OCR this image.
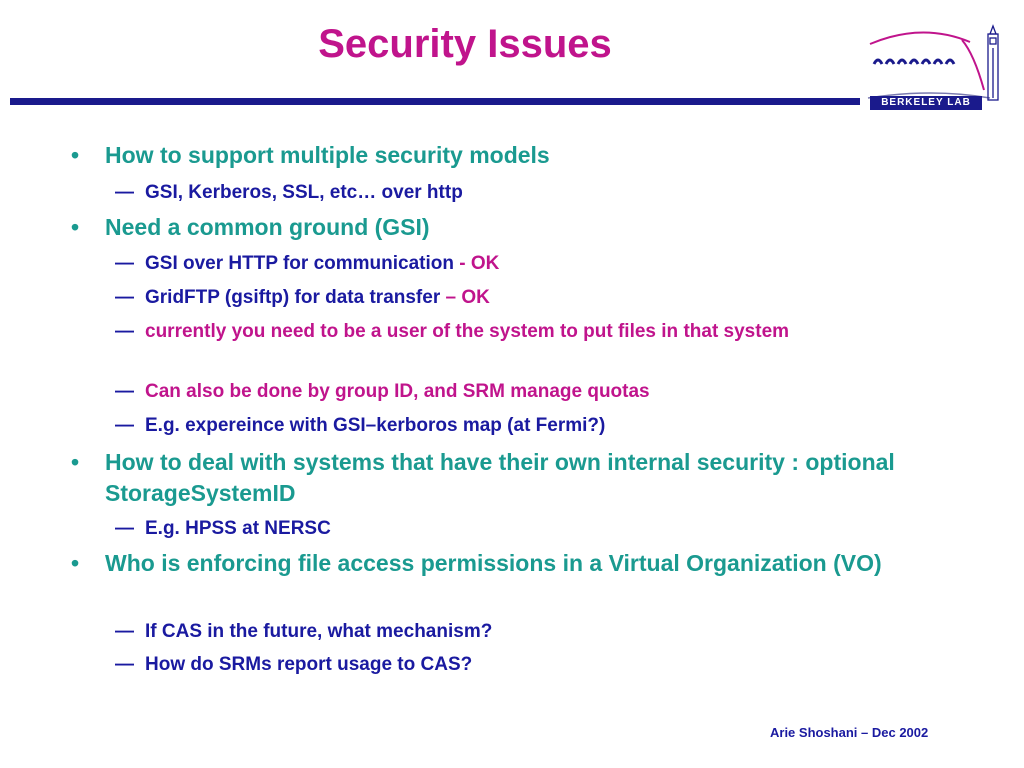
Security Issues
BERKELEY LAB
• How to support multiple security models
— GSI, Kerberos, SSL, etc… over http
• Need a common ground (GSI)
— GSI over HTTP for communication - OK
— GridFTP (gsiftp) for data transfer – OK
— currently you need to be a user of the system to put files in that system
— Can also be done by group ID, and SRM manage quotas
— E.g. expereince with GSI–kerboros map (at Fermi?)
• How to deal with systems that have their own internal security : optional StorageSystemID
— E.g. HPSS at NERSC
• Who is enforcing file access permissions in a Virtual Organization (VO)
— If CAS in the future, what mechanism?
— How do SRMs report usage to CAS?
Arie Shoshani – Dec 2002
